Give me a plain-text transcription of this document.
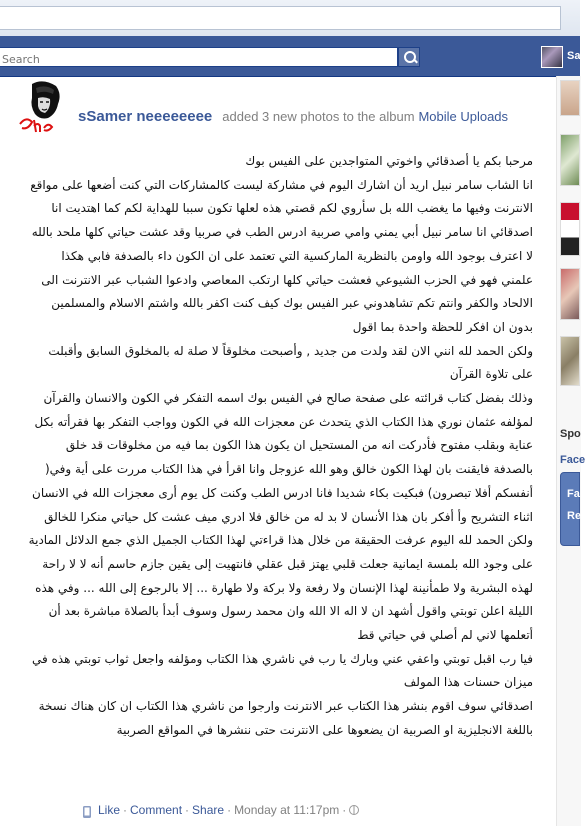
Search
Sa
Spo
Face
Fa
Re
sSamer neeeeeeee added 3 new photos to the album Mobile Uploads

مرحبا بكم يا أصدقائي واخوتي المتواجدين على الفيس بوك

انا الشاب سامر نبيل اريد أن اشارك اليوم في مشاركة ليست كالمشاركات التي كنت أضعها على مواقع الانترنت وفيها ما يغضب الله بل سأروي لكم قصتي هذه لعلها تكون سببا للهداية لكم كما اهتديت انا

اصدقائي انا سامر نبيل أبي يمني وامي صربية ادرس الطب في صربيا وقد عشت حياتي كلها ملحد بالله لا اعترف بوجود الله واومن بالنظرية الماركسية التي تعتمد على ان الكون داء بالصدفة فابي هكذا علمني فهو في الحزب الشيوعي فعشت حياتي كلها ارتكب المعاصي وادعوا الشباب عبر الانترنت الى الالحاد والكفر وانتم تكم تشاهدوني عبر الفيس بوك كيف كنت اكفر بالله واشتم الاسلام والمسلمين بدون ان افكر للحظة واحدة بما اقول

ولكن الحمد لله انني الان لقد ولدت من جديد , وأصبحت مخلوقاً لا صلة له بالمخلوق السابق وأقبلت على تلاوة القرآن

وذلك بفضل كتاب قرائته على صفحة صالح في الفيس بوك اسمه التفكر في الكون والانسان والقرآن لمؤلفه عثمان نوري هذا الكتاب الذي يتحدث عن معجزات الله في الكون وواجب التفكر بها فقرأته بكل عناية وبقلب مفتوح فأدركت انه من المستحيل ان يكون هذا الكون بما فيه من مخلوقات قد خلق بالصدفة فايقنت بان لهذا الكون خالق وهو الله عزوجل وانا اقرأ في هذا الكتاب مررت على أية وفي( أنفسكم أفلا تبصرون) فبكيت بكاء شديدا فانا ادرس الطب وكنت كل يوم أرى معجزات الله في الانسان اثناء التشريح وأ أفكر بان هذا الأنسان لا بد له من خالق فلا ادري ميف عشت كل حياتي منكرا للخالق ولكن الحمد لله اليوم عرفت الحقيقة من خلال هذا قراءتي لهذا الكتاب الجميل الذي جمع الدلائل المادية على وجود الله بلمسة ايمانية جعلت قلبي يهتز قبل عقلي فانتهيت إلى يقين جازم حاسم أنه لا لا راحة لهذه البشرية ولا طمأنينة لهذا الإنسان ولا رفعة ولا بركة ولا طهارة ... إلا بالرجوع إلى الله ... وفي هذه الليلة اعلن توبتي واقول أشهد ان لا اله الا الله وان محمد رسول وسوف أبدأ بالصلاة مباشرة بعد أن أتعلمها لاني لم أصلي في حياتي قط

فيا رب اقبل توبتي واعفي عني وبارك يا رب في ناشري هذا الكتاب ومؤلفه واجعل ثواب توبتي هذه في ميزان حسنات هذا المولف

اصدقائي سوف اقوم بنشر هذا الكتاب عبر الانترنت وارجوا من ناشري هذا الكتاب ان كان هناك نسخة باللغة الانجليزية او الصربية ان يضعوها على الانترنت حتى ننشرها في المواقع الصربية

Like · Comment · Share · Monday at 11:17pm ·
